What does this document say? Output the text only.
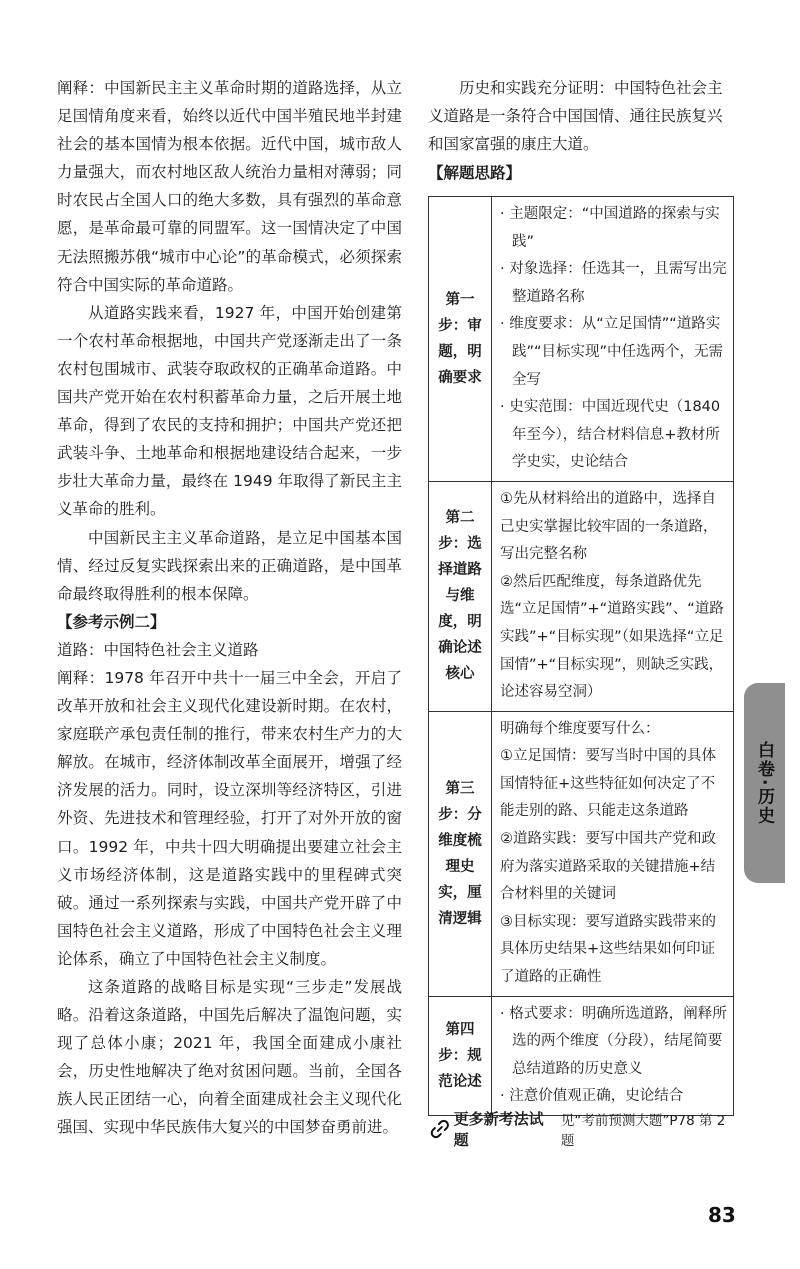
阐释：中国新民主主义革命时期的道路选择，从立足国情角度来看，始终以近代中国半殖民地半封建社会的基本国情为根本依据。近代中国，城市敌人力量强大，而农村地区敌人统治力量相对薄弱；同时农民占全国人口的绝大多数，具有强烈的革命意愿，是革命最可靠的同盟军。这一国情决定了中国无法照搬苏俄“城市中心论”的革命模式，必须探索符合中国实际的革命道路。

从道路实践来看，1927 年，中国开始创建第一个农村革命根据地，中国共产党逐渐走出了一条农村包围城市、武装夺取政权的正确革命道路。中国共产党开始在农村积蓄革命力量，之后开展土地革命，得到了农民的支持和拥护；中国共产党还把武装斗争、土地革命和根据地建设结合起来，一步步壮大革命力量，最终在 1949 年取得了新民主主义革命的胜利。

中国新民主主义革命道路，是立足中国基本国情、经过反复实践探索出来的正确道路，是中国革命最终取得胜利的根本保障。

【参考示例二】

道路：中国特色社会主义道路

阐释：1978 年召开中共十一届三中全会，开启了改革开放和社会主义现代化建设新时期。在农村，家庭联产承包责任制的推行，带来农村生产力的大解放。在城市，经济体制改革全面展开，增强了经济发展的活力。同时，设立深圳等经济特区，引进外资、先进技术和管理经验，打开了对外开放的窗口。1992 年，中共十四大明确提出要建立社会主义市场经济体制，这是道路实践中的里程碑式突破。通过一系列探索与实践，中国共产党开辟了中国特色社会主义道路，形成了中国特色社会主义理论体系，确立了中国特色社会主义制度。

这条道路的战略目标是实现“三步走”发展战略。沿着这条道路，中国先后解决了温饱问题，实现了总体小康；2021 年，我国全面建成小康社会，历史性地解决了绝对贫困问题。当前，全国各族人民正团结一心，向着全面建成社会主义现代化强国、实现中华民族伟大复兴的中国梦奋勇前进。

历史和实践充分证明：中国特色社会主义道路是一条符合中国国情、通往民族复兴和国家富强的康庄大道。

【解题思路】

第一步：审题，明确要求	· 主题限定：“中国道路的探索与实践”
· 对象选择：任选其一，且需写出完整道路名称
· 维度要求：从“立足国情”“道路实践”“目标实现”中任选两个，无需全写
· 史实范围：中国近现代史（1840 年至今），结合材料信息+教材所学史实，史论结合

第二步：选择道路与维度，明确论述核心	①先从材料给出的道路中，选择自己史实掌握比较牢固的一条道路，写出完整名称
②然后匹配维度，每条道路优先选“立足国情”+“道路实践”、“道路实践”+“目标实现”（如果选择“立足国情”+“目标实现”，则缺乏实践，论述容易空洞）

第三步：分维度梳理史实，厘清逻辑	明确每个维度要写什么：
①立足国情：要写当时中国的具体国情特征+这些特征如何决定了不能走别的路、只能走这条道路
②道路实践：要写中国共产党和政府为落实道路采取的关键措施+结合材料里的关键词
③目标实现：要写道路实践带来的具体历史结果+这些结果如何印证了道路的正确性

第四步：规范论述	· 格式要求：明确所选道路，阐释所选的两个维度（分段），结尾简要总结道路的历史意义
· 注意价值观正确，史论结合
更多新考法试题
见“考前预测大题”P78 第 2 题
白卷·历史
83
